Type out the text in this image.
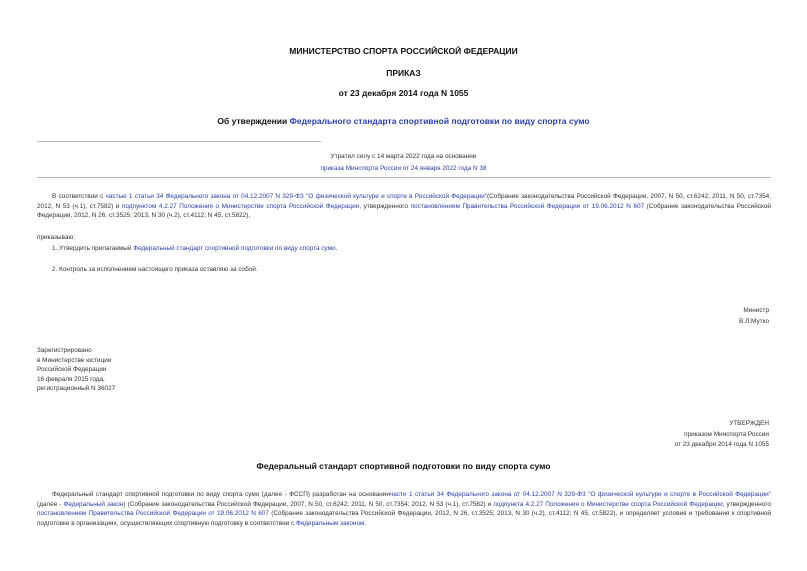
МИНИСТЕРСТВО СПОРТА РОССИЙСКОЙ ФЕДЕРАЦИИ
ПРИКАЗ
от 23 декабря 2014 года N 1055
Об утверждении Федерального стандарта спортивной подготовки по виду спорта сумо
Утратил силу с 14 марта 2022 года на основании
приказа Минспорта России от 24 января 2022 года N 38

В соответствии с частью 1 статьи 34 Федерального закона от 04.12.2007 N 329-ФЗ "О физической культуре и спорте в Российской Федерации"(Собрание законодательства Российской Федерации, 2007, N 50, ст.6242; 2011, N 50, ст.7354; 2012, N 53 (ч.1), ст.7582) и подпунктом 4.2.27 Положения о Министерстве спорта Российской Федерации, утвержденного постановлением Правительства Российской Федерации от 19.06.2012 N 607 (Собрание законодательства Российской Федерации, 2012, N 26, ст.3525; 2013, N 30 (ч.2), ст.4112; N 45, ст.5822),

приказываю:
1. Утвердить прилагаемый Федеральный стандарт спортивной подготовки по виду спорта сумо.
2. Контроль за исполнением настоящего приказа оставляю за собой.
Министр
В.Л.Мутко
Зарегистрировано
в Министерстве юстиции
Российской Федерации
16 февраля 2015 года,
регистрационный N 36027
УТВЕРЖДЕН
приказом Минспорта России
от 23 декабря 2014 года N 1055
Федеральный стандарт спортивной подготовки по виду спорта сумо

Федеральный стандарт спортивной подготовки по виду спорта сумо (далее - ФССП) разработан на основаниичасти 1 статьи 34 Федерального закона от 04.12.2007 N 329-ФЗ "О физической культуре и спорте в Российской Федерации" (далее - Федеральный закон) (Собрание законодательства Российской Федерации, 2007, N 50, ст.6242; 2011, N 50, ст.7354; 2012, N 53 (ч.1), ст.7582) и подпункта 4.2.27 Положения о Министерстве спорта Российской Федерации, утвержденного постановлением Правительства Российской Федерации от 19.06.2012 N 607 (Собрание законодательства Российской Федерации, 2012, N 26, ст.3525; 2013, N 30 (ч.2), ст.4112; N 45, ст.5822), и определяет условия и требования к спортивной подготовке в организациях, осуществляющих спортивную подготовку в соответствии с Федеральным законом.
